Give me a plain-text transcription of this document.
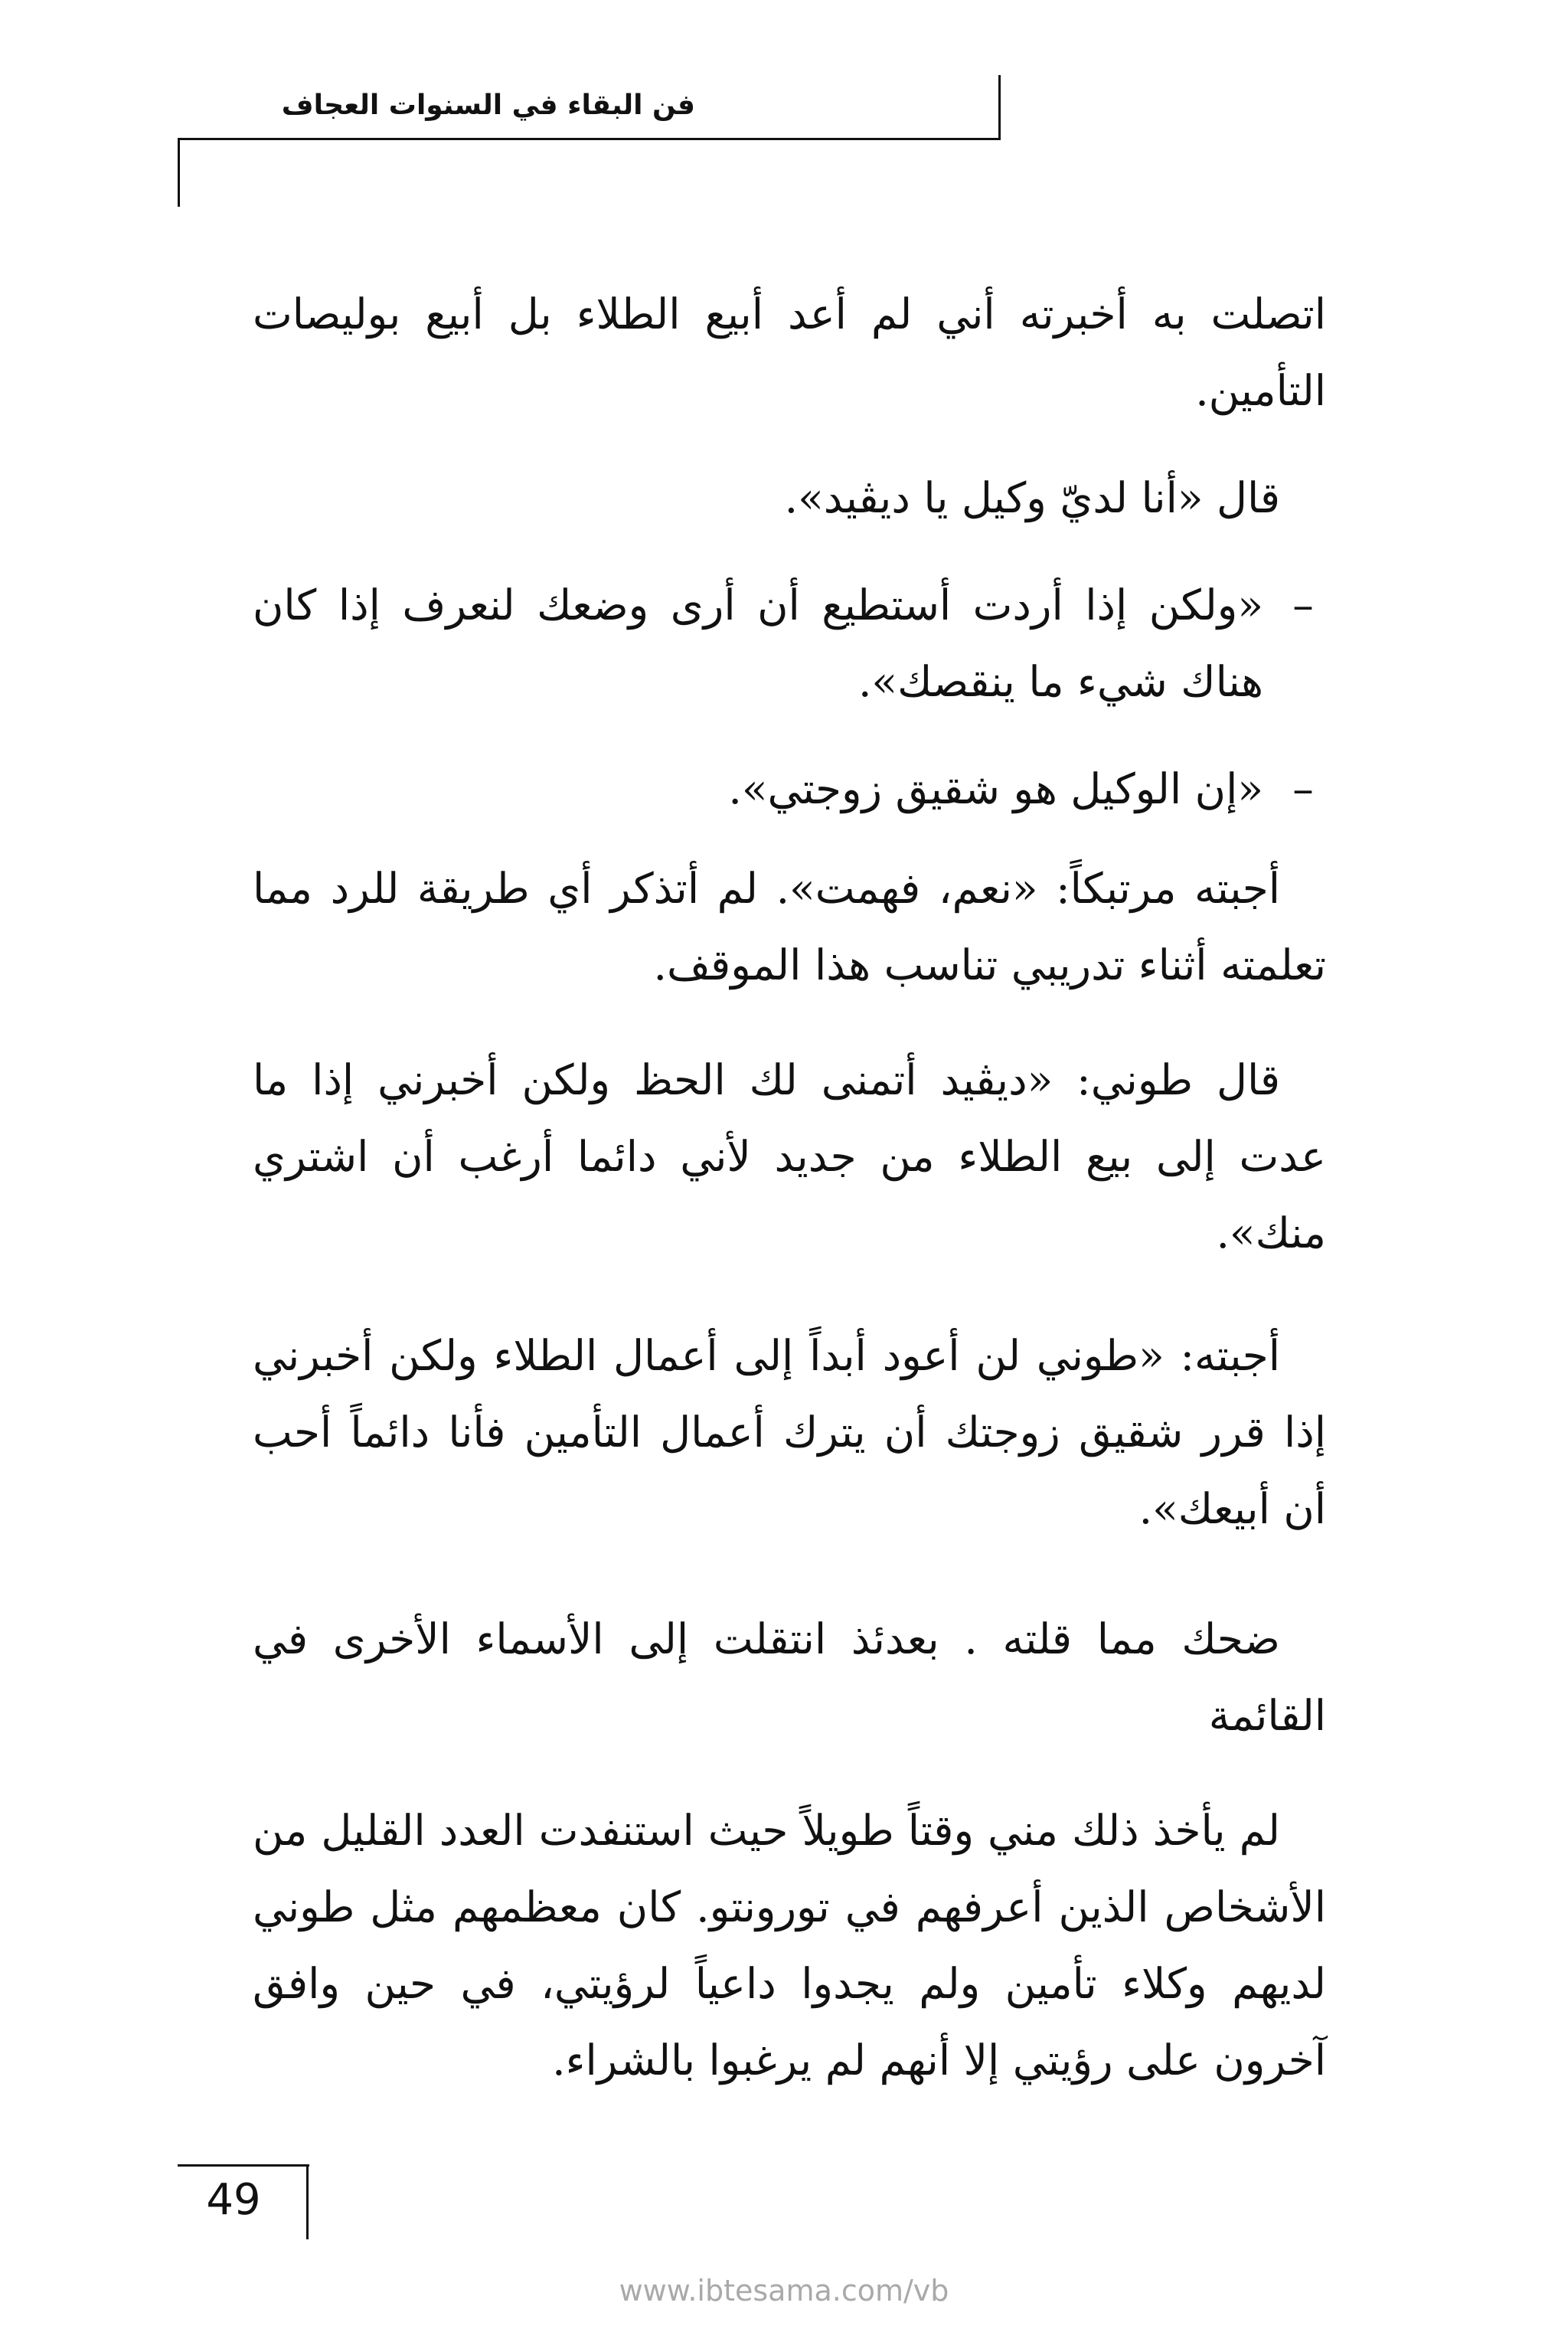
فن البقاء في السنوات العجاف

اتصلت به أخبرته أني لم أعد أبيع الطلاء بل أبيع بوليصات التأمين.

قال «أنا لديّ وكيل يا ديڤيد».

–
«ولكن إذا أردت أستطيع أن أرى وضعك لنعرف إذا كان هناك شيء ما ينقصك».
–
«إن الوكيل هو شقيق زوجتي».

أجبته مرتبكاً: «نعم، فهمت». لم أتذكر أي طريقة للرد مما تعلمته أثناء تدريبي تناسب هذا الموقف.

قال طوني: «ديڤيد أتمنى لك الحظ ولكن أخبرني إذا ما عدت إلى بيع الطلاء من جديد لأني دائما أرغب أن اشتري منك».

أجبته: «طوني لن أعود أبداً إلى أعمال الطلاء ولكن أخبرني إذا قرر شقيق زوجتك أن يترك أعمال التأمين فأنا دائماً أحب أن أبيعك».

ضحك مما قلته . بعدئذ انتقلت إلى الأسماء الأخرى في القائمة

لم يأخذ ذلك مني وقتاً طويلاً حيث استنفدت العدد القليل من الأشخاص الذين أعرفهم في تورونتو. كان معظمهم مثل طوني لديهم وكلاء تأمين ولم يجدوا داعياً لرؤيتي، في حين وافق آخرون على رؤيتي إلا أنهم لم يرغبوا بالشراء.

49
www.ibtesama.com/vb
